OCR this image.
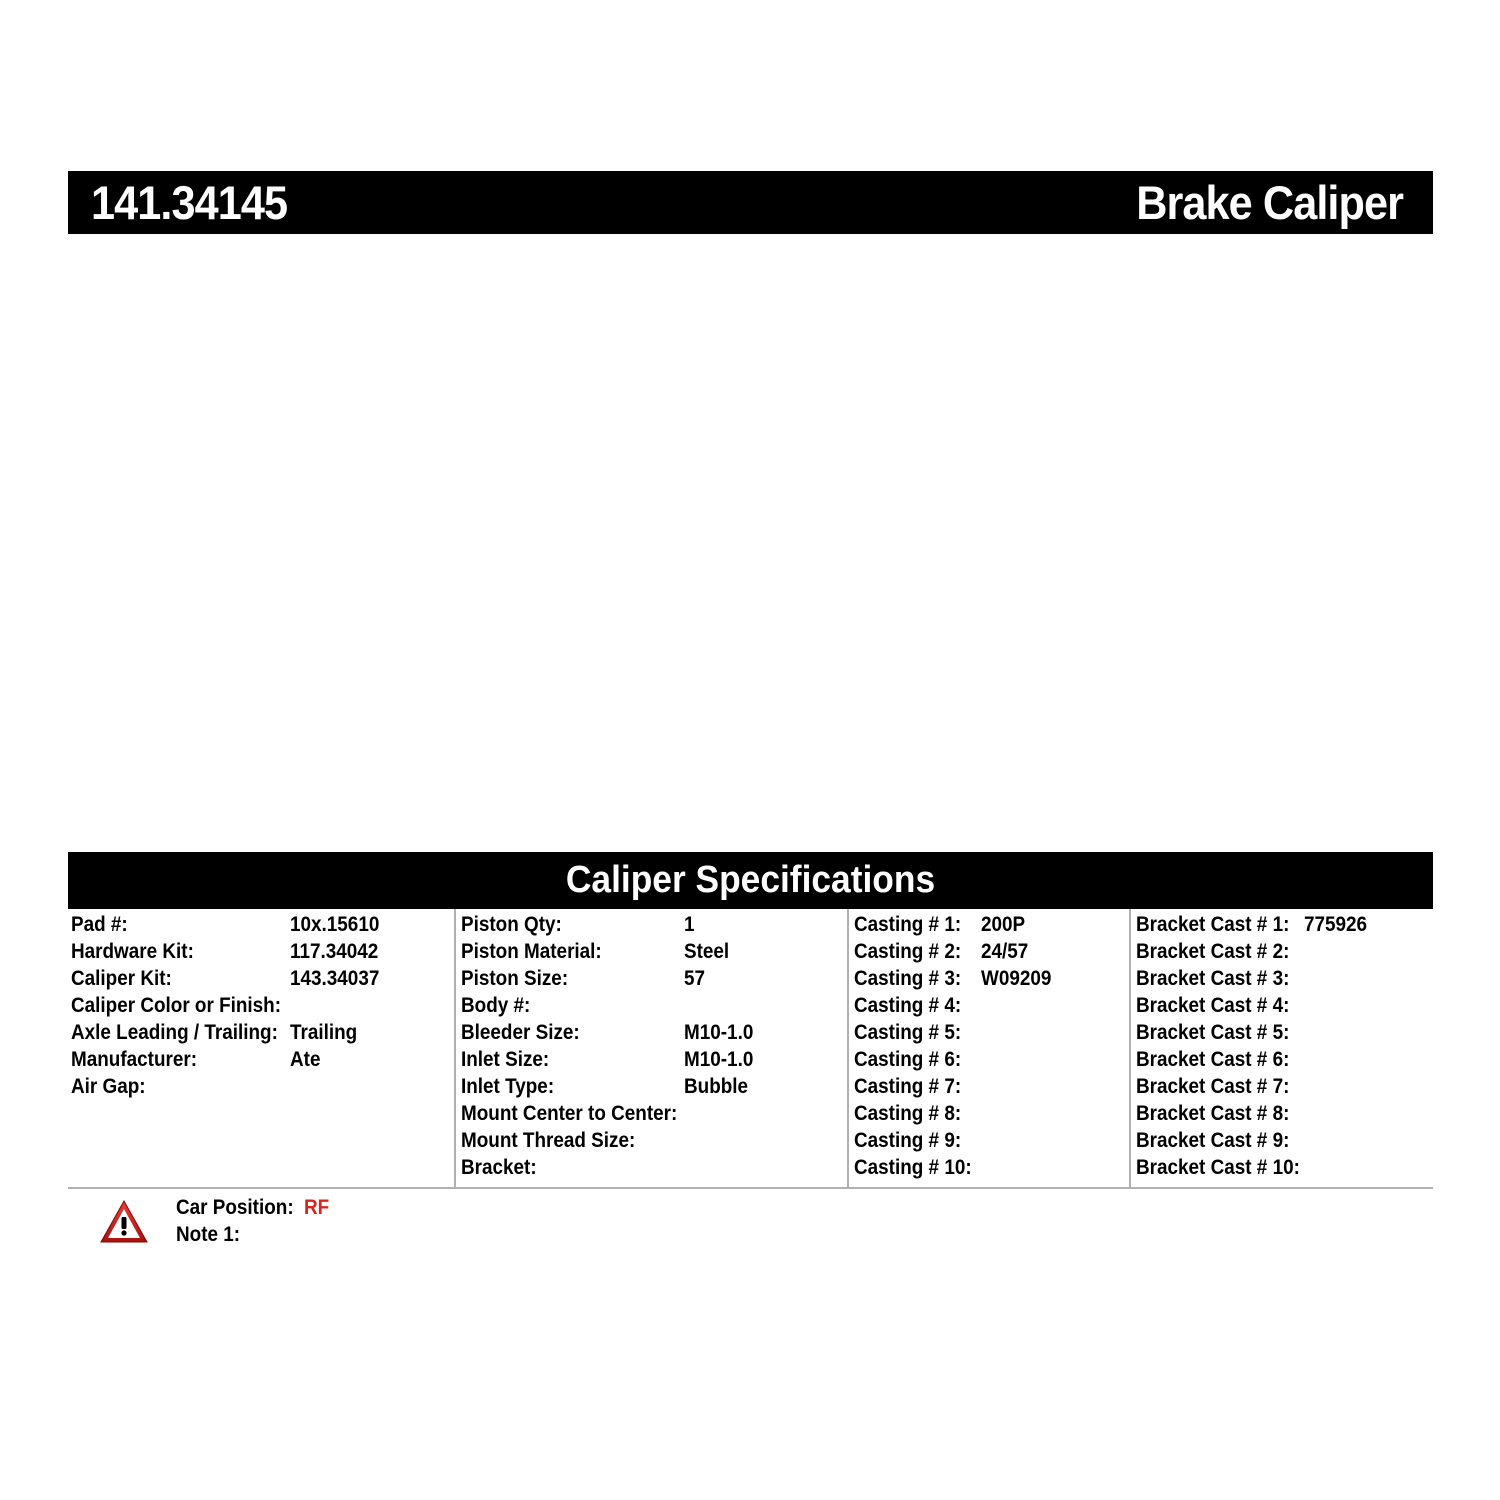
141.34145	Brake Caliper
Caliper Specifications
Pad #:	10x.15610
Hardware Kit:	117.34042
Caliper Kit:	143.34037
Caliper Color or Finish:
Axle Leading / Trailing: Trailing
Manufacturer:	Ate
Air Gap:
Piston Qty:	1
Piston Material:	Steel
Piston Size:	57
Body #:
Bleeder Size:	M10-1.0
Inlet Size:	M10-1.0
Inlet Type:	Bubble
Mount Center to Center:
Mount Thread Size:
Bracket:
Casting # 1: 200P
Casting # 2: 24/57
Casting # 3: W09209
Casting # 4:
Casting # 5:
Casting # 6:
Casting # 7:
Casting # 8:
Casting # 9:
Casting # 10:
Bracket Cast # 1: 775926
Bracket Cast # 2:
Bracket Cast # 3:
Bracket Cast # 4:
Bracket Cast # 5:
Bracket Cast # 6:
Bracket Cast # 7:
Bracket Cast # 8:
Bracket Cast # 9:
Bracket Cast # 10:
Car Position: RF
Note 1:
